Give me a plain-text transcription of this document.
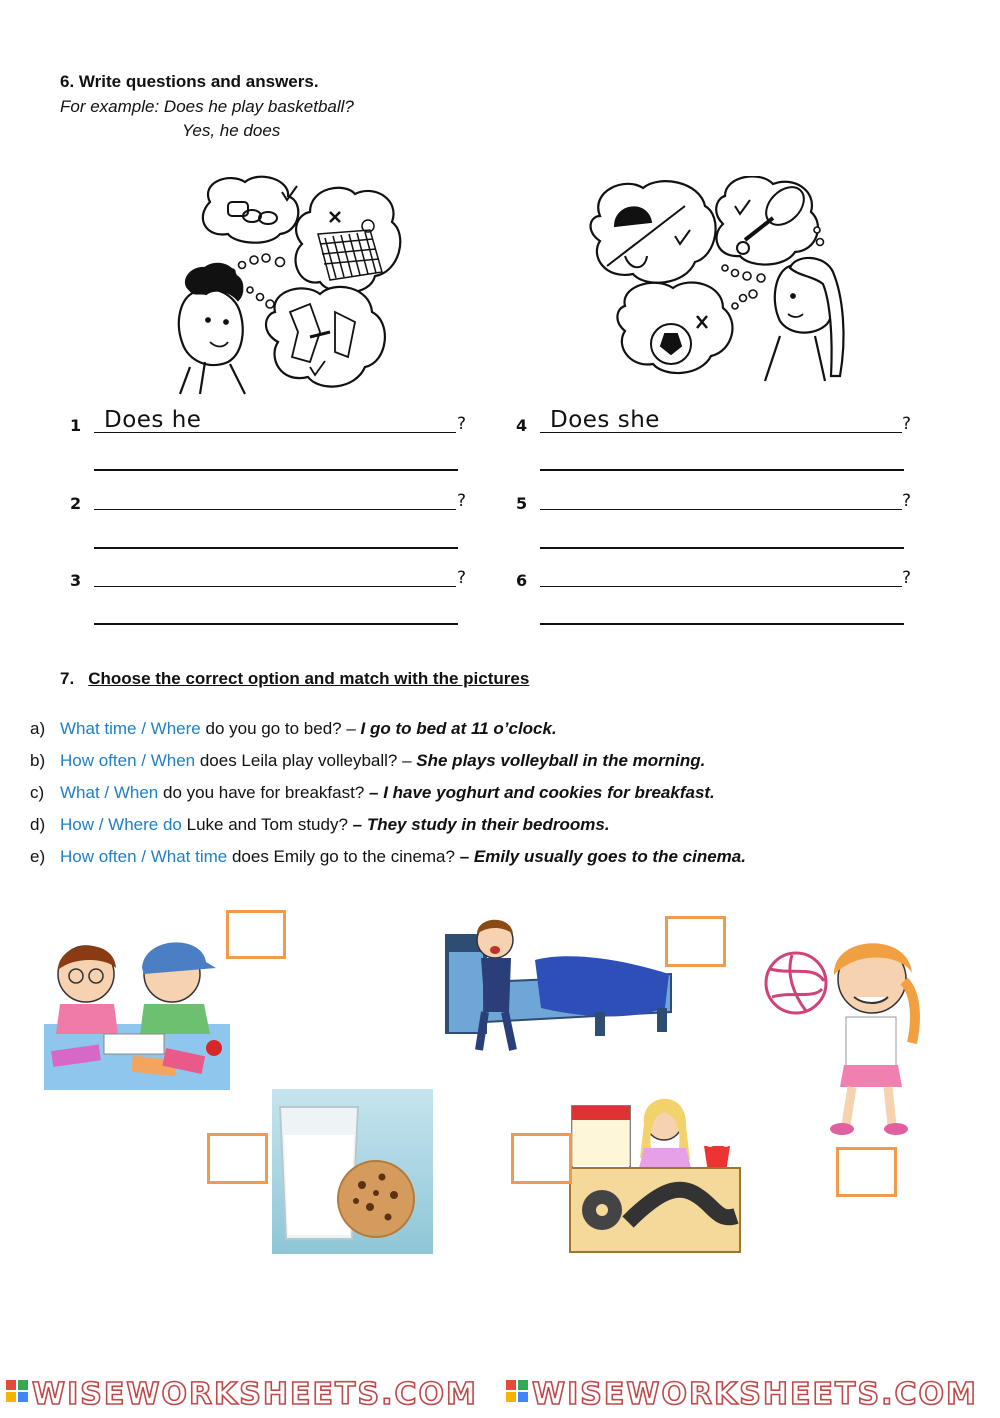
6. Write questions and answers.
For example: Does he play basketball?
Yes, he does
1 Does he	?
2	?
3	?
4 Does she	?
5	?
6	?
7. Choose the correct option and match with the pictures
a) What time / Where do you go to bed? – I go to bed at 11 o’clock.
b) How often / When does Leila play volleyball? – She plays volleyball in the morning.
c) What / When do you have for breakfast? – I have yoghurt and cookies for breakfast.
d) How / Where do Luke and Tom study? – They study in their bedrooms.
e) How often / What time does Emily go to the cinema? – Emily usually goes to the cinema.
WISEWORKSHEETS.COM WISEWORKSHEETS.COM
